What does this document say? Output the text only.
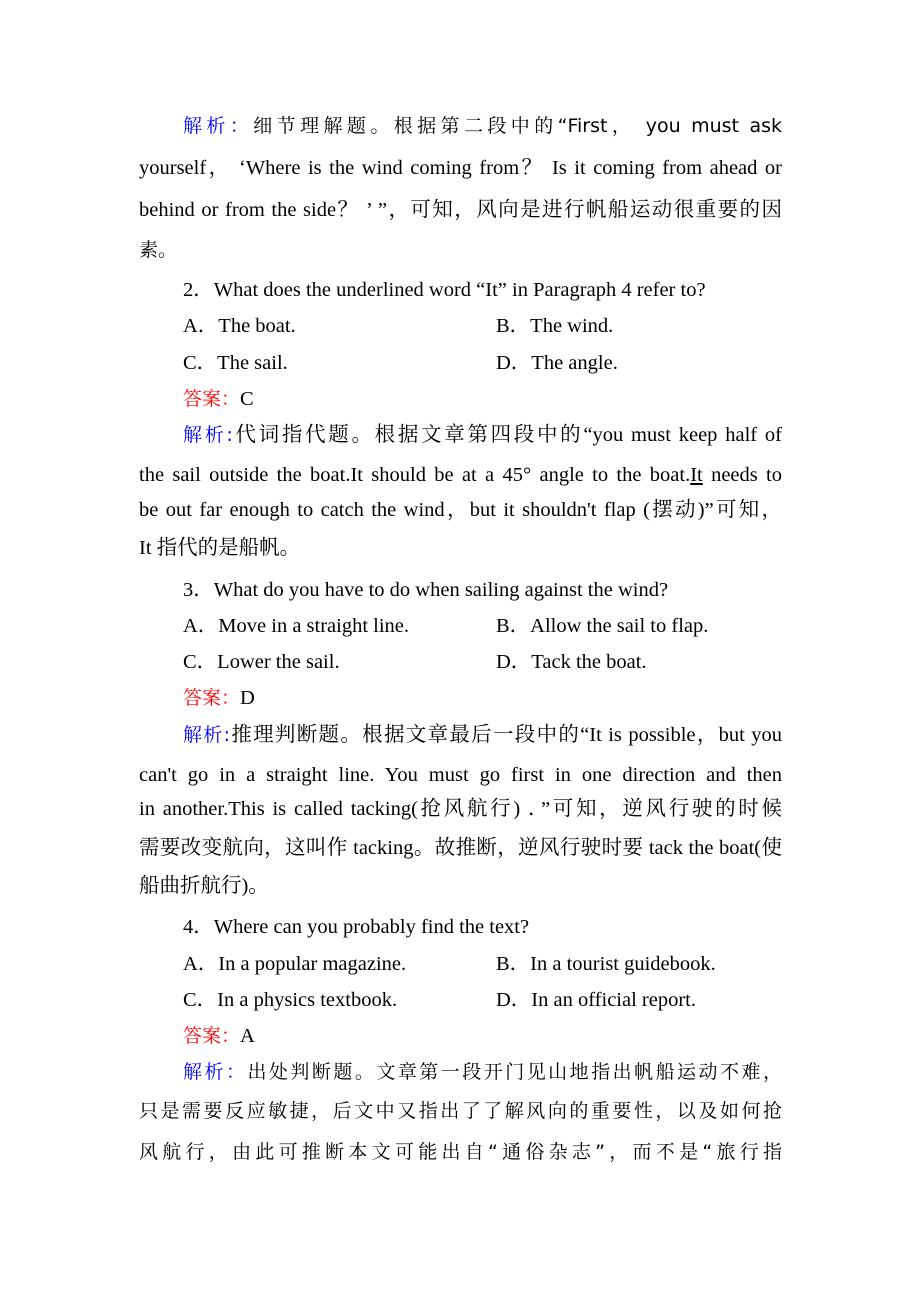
解析：细节理解题。根据第二段中的“First， you must ask
yourself， ‘Where is the wind coming from？ Is it coming from ahead or
behind or from the side？ ’ ”，可知，风向是进行帆船运动很重要的因
素。
2．What does the underlined word “It” in Paragraph 4 refer to?
A．The boat.	B．The wind.
C．The sail.	D．The angle.
答案：C
解析:代词指代题。根据文章第四段中的“you must keep half of
the sail outside the boat.It should be at a 45° angle to the boat.It needs to
be out far enough to catch the wind，but it shouldn't flap (摆动)”可知，
It 指代的是船帆。
3．What do you have to do when sailing against the wind?
A．Move in a straight line.	B．Allow the sail to flap.
C．Lower the sail.	D．Tack the boat.
答案：D
解析:推理判断题。根据文章最后一段中的“It is possible，but you
can't go in a straight line. You must go first in one direction and then
in another.This is called tacking(抢风航行) ．”可知，逆风行驶的时候
需要改变航向，这叫作 tacking。故推断，逆风行驶时要 tack the boat(使
船曲折航行)。
4．Where can you probably find the text?
A．In a popular magazine.	B．In a tourist guidebook.
C．In a physics textbook.	D．In an official report.
答案：A
解析：出处判断题。文章第一段开门见山地指出帆船运动不难，
只是需要反应敏捷，后文中又指出了了解风向的重要性，以及如何抢
风航行，由此可推断本文可能出自“通俗杂志”，而不是“旅行指
